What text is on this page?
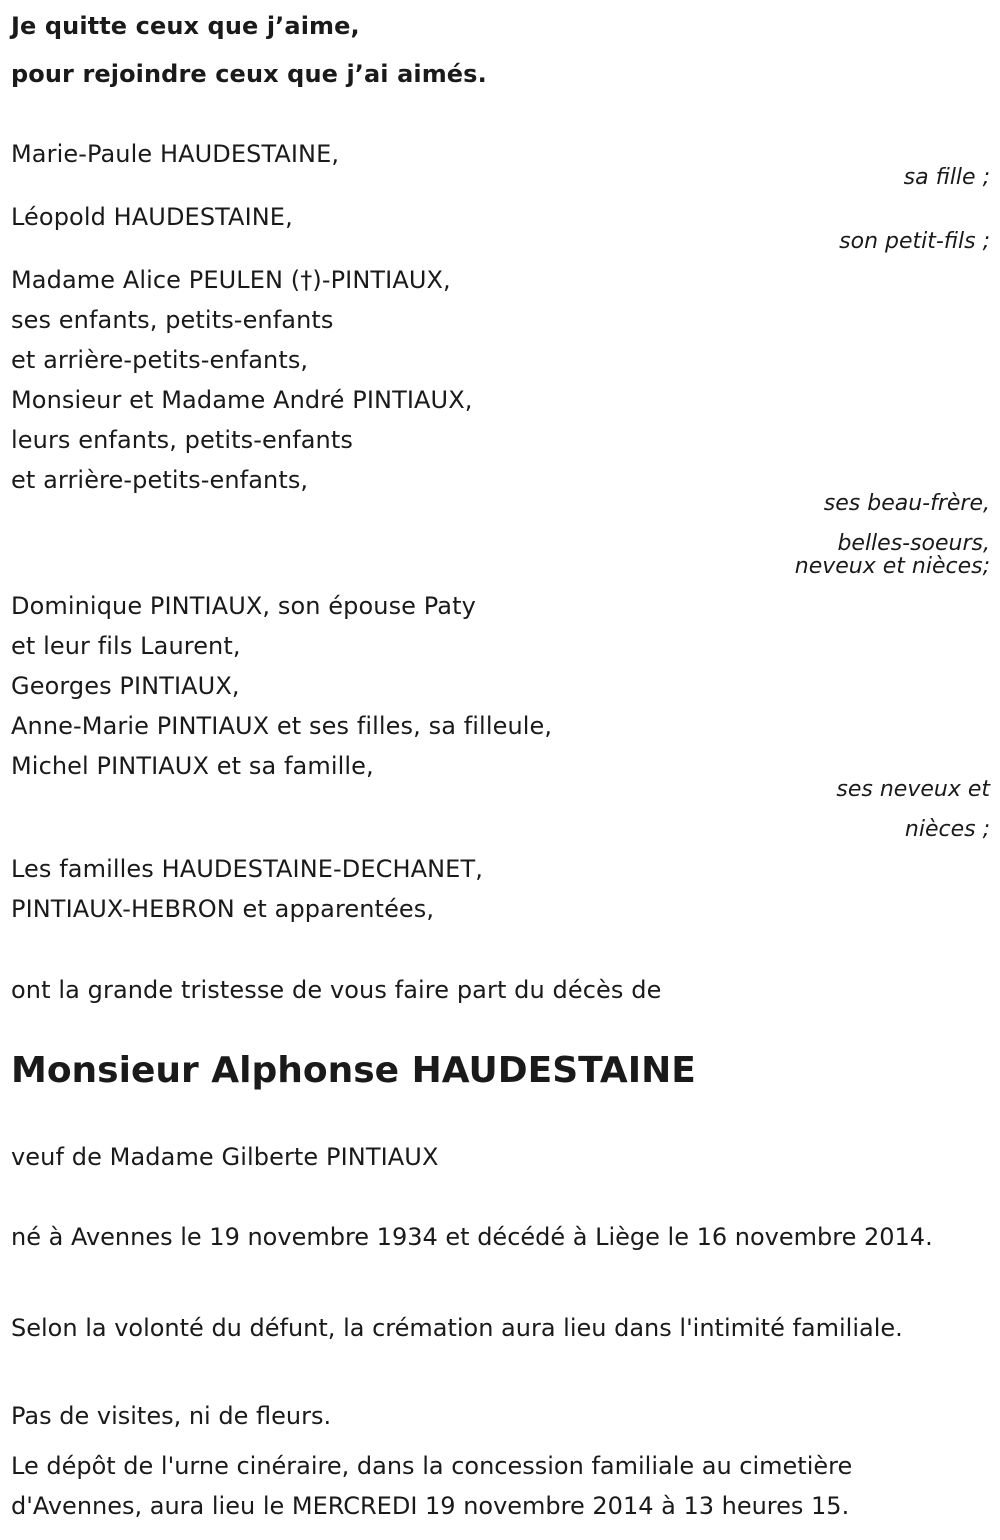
Je quitte ceux que j’aime,
pour rejoindre ceux que j’ai aimés.
Marie-Paule HAUDESTAINE,
sa fille ;
Léopold HAUDESTAINE,
son petit-fils ;
Madame Alice PEULEN (†)-PINTIAUX,
ses enfants, petits-enfants
et arrière-petits-enfants,
Monsieur et Madame André PINTIAUX,
leurs enfants, petits-enfants
et arrière-petits-enfants,
ses beau-frère,
belles-soeurs,
neveux et nièces;
Dominique PINTIAUX, son épouse Paty
et leur fils Laurent,
Georges PINTIAUX,
Anne-Marie PINTIAUX et ses filles, sa filleule,
Michel PINTIAUX et sa famille,
ses neveux et
nièces ;
Les familles HAUDESTAINE-DECHANET,
PINTIAUX-HEBRON et apparentées,
ont la grande tristesse de vous faire part du décès de
Monsieur Alphonse HAUDESTAINE
veuf de Madame Gilberte PINTIAUX
né à Avennes le 19 novembre 1934 et décédé à Liège le 16 novembre 2014.
Selon la volonté du défunt, la crémation aura lieu dans l'intimité familiale.
Pas de visites, ni de fleurs.
Le dépôt de l'urne cinéraire, dans la concession familiale au cimetière d'Avennes, aura lieu le MERCREDI 19 novembre 2014 à 13 heures 15.
